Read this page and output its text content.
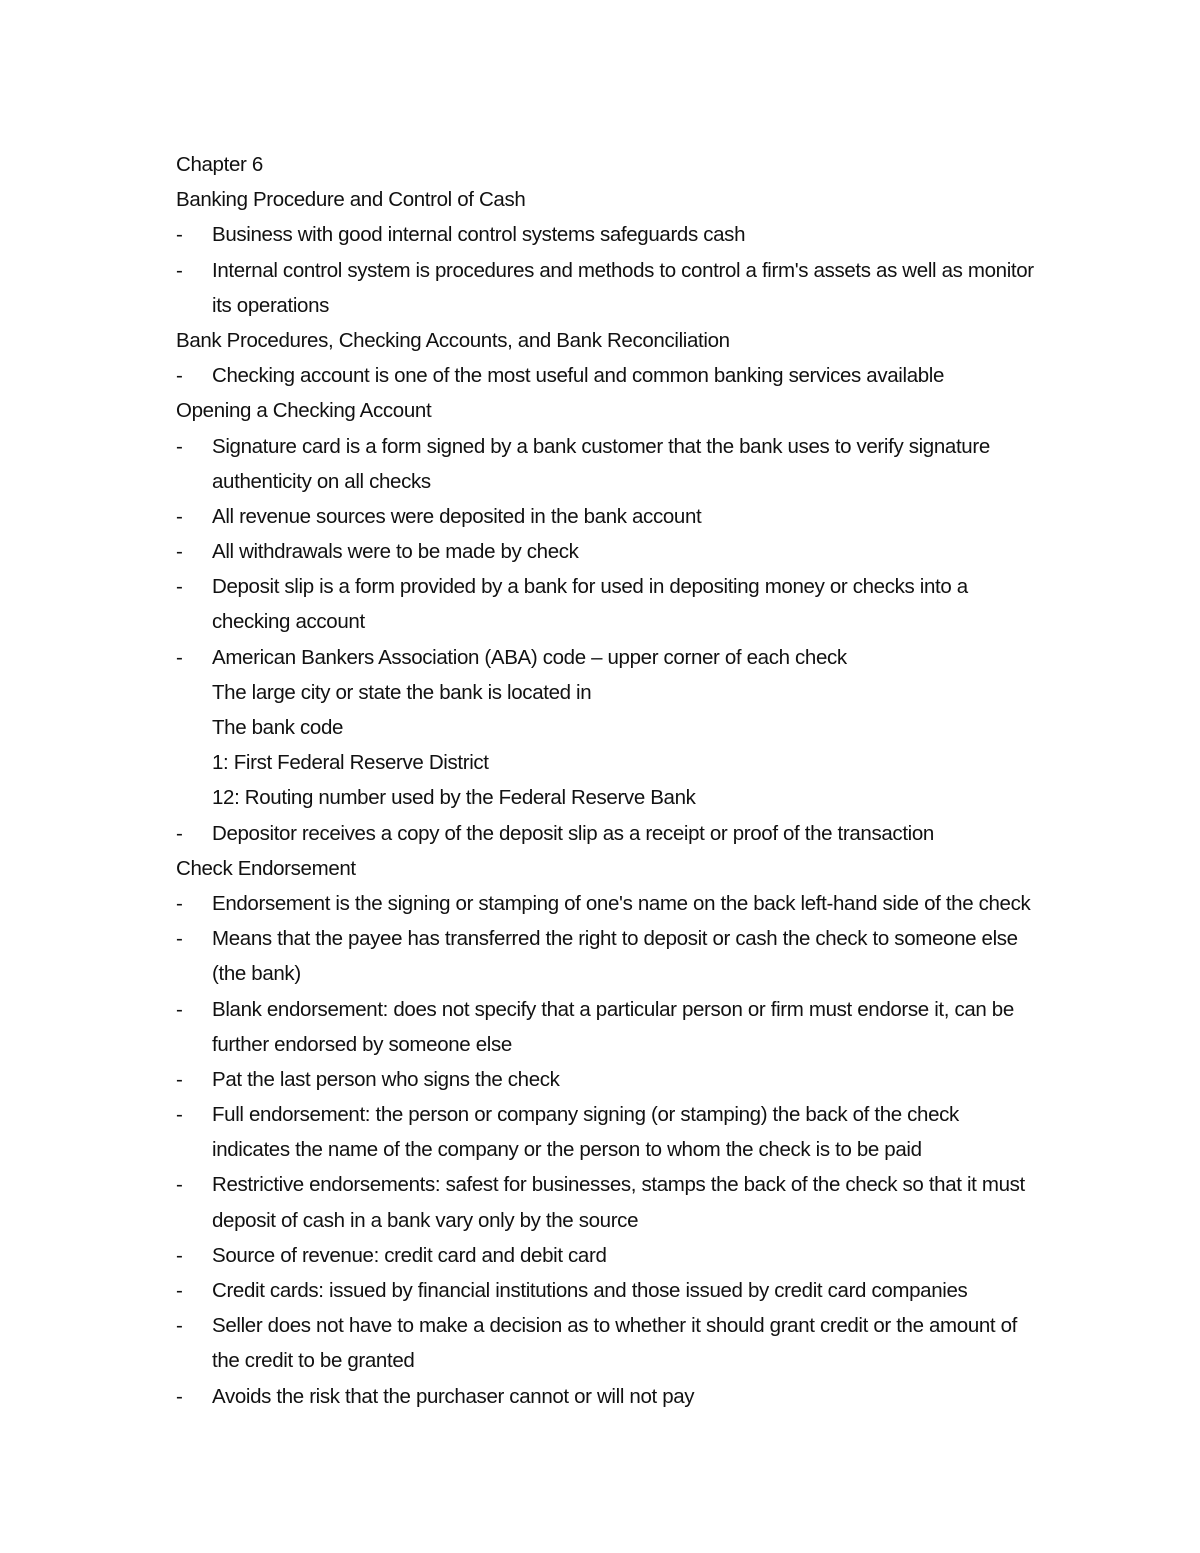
Chapter 6
Banking Procedure and Control of Cash
-	Business with good internal control systems safeguards cash
-	Internal control system is procedures and methods to control a firm's assets as well as monitor
its operations
Bank Procedures, Checking Accounts, and Bank Reconciliation
-	Checking account is one of the most useful and common banking services available
Opening a Checking Account
-	Signature card is a form signed by a bank customer that the bank uses to verify signature
authenticity on all checks
-	All revenue sources were deposited in the bank account
-	All withdrawals were to be made by check
-	Deposit slip is a form provided by a bank for used in depositing money or checks into a
checking account
-	American Bankers Association (ABA) code – upper corner of each check
The large city or state the bank is located in
The bank code
1: First Federal Reserve District
12: Routing number used by the Federal Reserve Bank
-	Depositor receives a copy of the deposit slip as a receipt or proof of the transaction
Check Endorsement
-	Endorsement is the signing or stamping of one's name on the back left-hand side of the check
-	Means that the payee has transferred the right to deposit or cash the check to someone else
(the bank)
-	Blank endorsement: does not specify that a particular person or firm must endorse it, can be
further endorsed by someone else
-	Pat the last person who signs the check
-	Full endorsement: the person or company signing (or stamping) the back of the check
indicates the name of the company or the person to whom the check is to be paid
-	Restrictive endorsements: safest for businesses, stamps the back of the check so that it must
deposit of cash in a bank vary only by the source
-	Source of revenue: credit card and debit card
-	Credit cards: issued by financial institutions and those issued by credit card companies
-	Seller does not have to make a decision as to whether it should grant credit or the amount of
the credit to be granted
-	Avoids the risk that the purchaser cannot or will not pay
